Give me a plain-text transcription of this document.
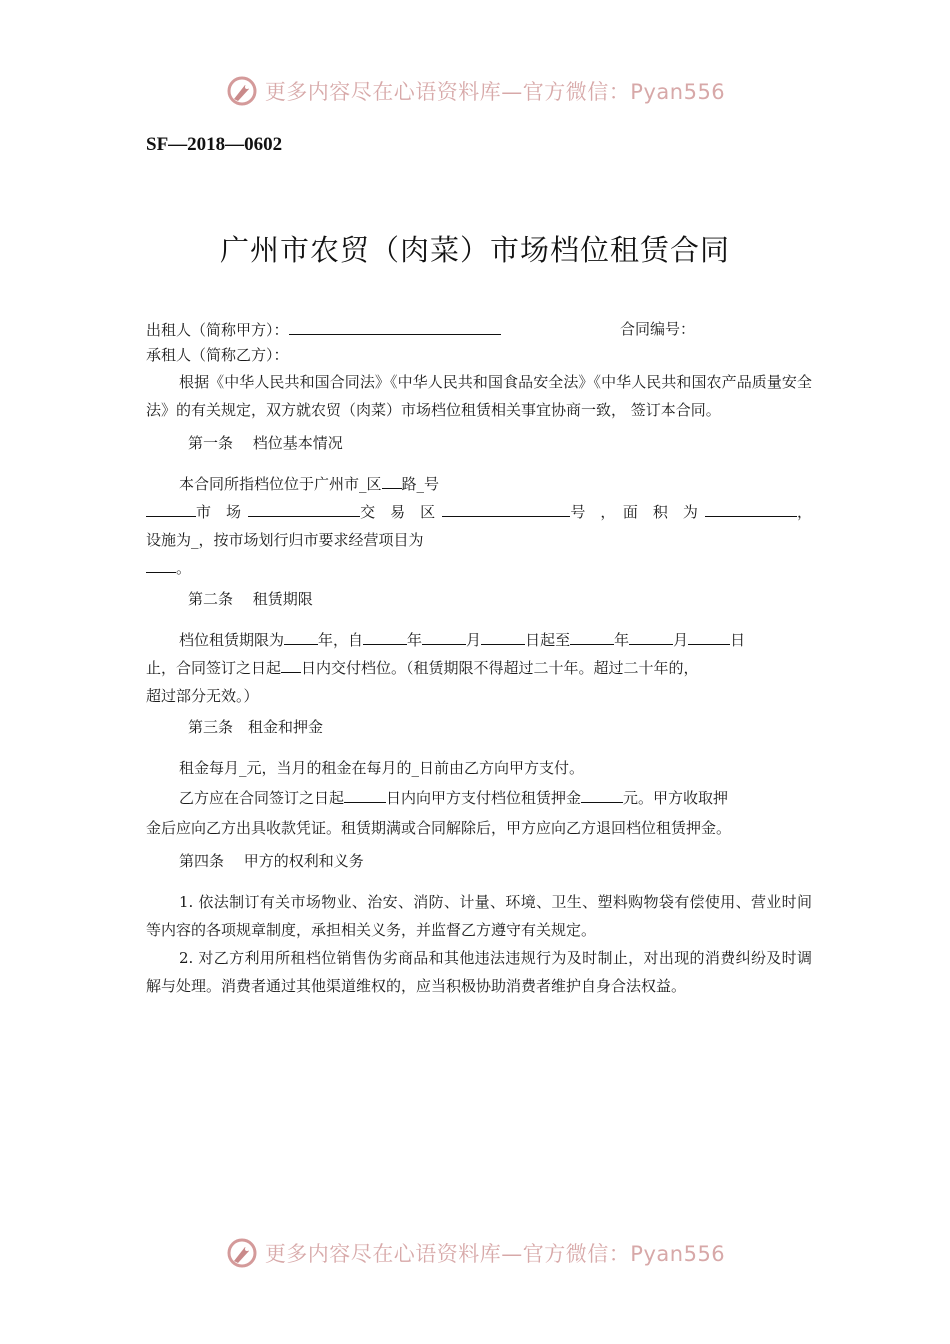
更多内容尽在心语资料库—官方微信：Pyan556
SF—2018—0602
广州市农贸（肉菜）市场档位租赁合同
出租人（简称甲方）：	合同编号：
承租人（简称乙方）：
根据《中华人民共和国合同法》《中华人民共和国食品安全法》《中华人民共和国农产品质量安全法》的有关规定，双方就农贸（肉菜）市场档位租赁相关事宜协商一致， 签订本合同。
第一条　 档位基本情况
本合同所指档位位于广州市_区 路_号
市　场	交　易　区	号　，　面　积　为	，
设施为_，按市场划行归市要求经营项目为
。
第二条　 租赁期限
档位租赁期限为 年，自	年	月	日起至	年	月	日
止，合同签订之日起 日内交付档位。（租赁期限不得超过二十年。超过二十年的，
超过部分无效。）
第三条　租金和押金
租金每月_元，当月的租金在每月的_日前由乙方向甲方支付。
乙方应在合同签订之日起	日内向甲方支付档位租赁押金	元。甲方收取押
金后应向乙方出具收款凭证。租赁期满或合同解除后，甲方应向乙方退回档位租赁押金。
第四条　 甲方的权利和义务
1. 依法制订有关市场物业、治安、消防、计量、环境、卫生、塑料购物袋有偿使用、营业时间等内容的各项规章制度，承担相关义务，并监督乙方遵守有关规定。
2. 对乙方利用所租档位销售伪劣商品和其他违法违规行为及时制止，对出现的消费纠纷及时调解与处理。消费者通过其他渠道维权的，应当积极协助消费者维护自身合法权益。
更多内容尽在心语资料库—官方微信：Pyan556
